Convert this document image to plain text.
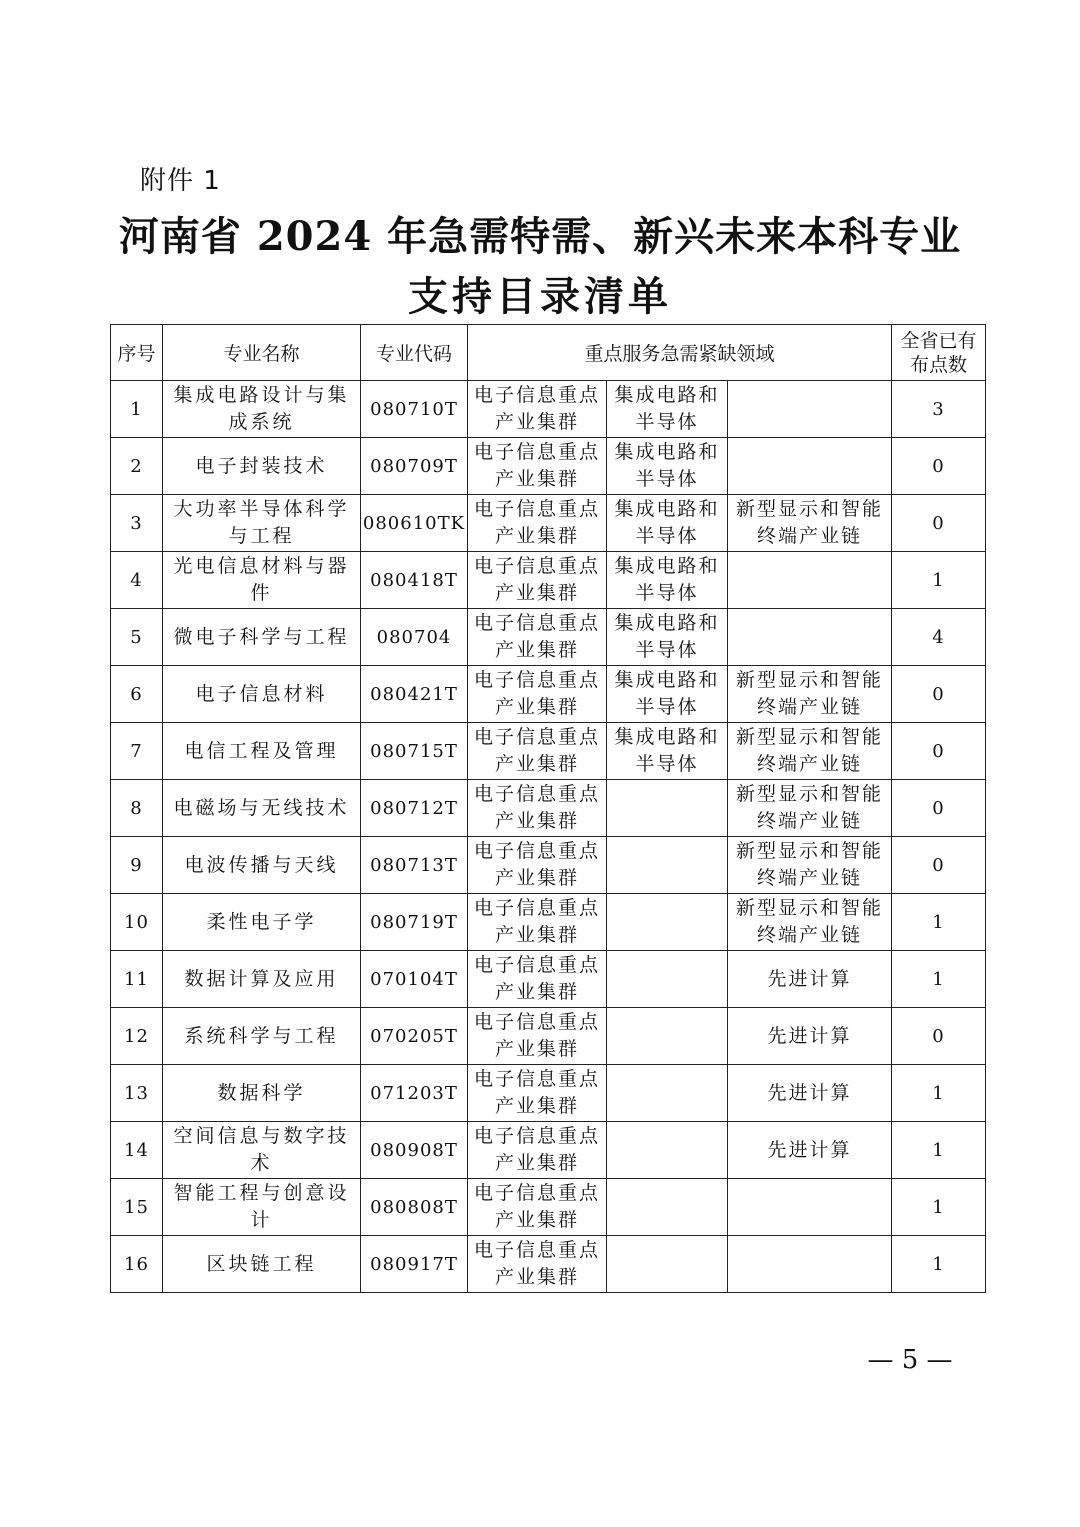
附件 1
河南省 2024 年急需特需、新兴未来本科专业
支持目录清单
序号	专业名称	专业代码	重点服务急需紧缺领域			全省已有布点数
1	集成电路设计与集成系统	080710T	电子信息重点产业集群	集成电路和半导体		3
2	电子封装技术	080709T	电子信息重点产业集群	集成电路和半导体		0
3	大功率半导体科学与工程	080610TK	电子信息重点产业集群	集成电路和半导体	新型显示和智能终端产业链	0
4	光电信息材料与器件	080418T	电子信息重点产业集群	集成电路和半导体		1
5	微电子科学与工程	080704	电子信息重点产业集群	集成电路和半导体		4
6	电子信息材料	080421T	电子信息重点产业集群	集成电路和半导体	新型显示和智能终端产业链	0
7	电信工程及管理	080715T	电子信息重点产业集群	集成电路和半导体	新型显示和智能终端产业链	0
8	电磁场与无线技术	080712T	电子信息重点产业集群		新型显示和智能终端产业链	0
9	电波传播与天线	080713T	电子信息重点产业集群		新型显示和智能终端产业链	0
10	柔性电子学	080719T	电子信息重点产业集群		新型显示和智能终端产业链	1
11	数据计算及应用	070104T	电子信息重点产业集群		先进计算	1
12	系统科学与工程	070205T	电子信息重点产业集群		先进计算	0
13	数据科学	071203T	电子信息重点产业集群		先进计算	1
14	空间信息与数字技术	080908T	电子信息重点产业集群		先进计算	1
15	智能工程与创意设计	080808T	电子信息重点产业集群			1
16	区块链工程	080917T	电子信息重点产业集群			1
— 5 —
